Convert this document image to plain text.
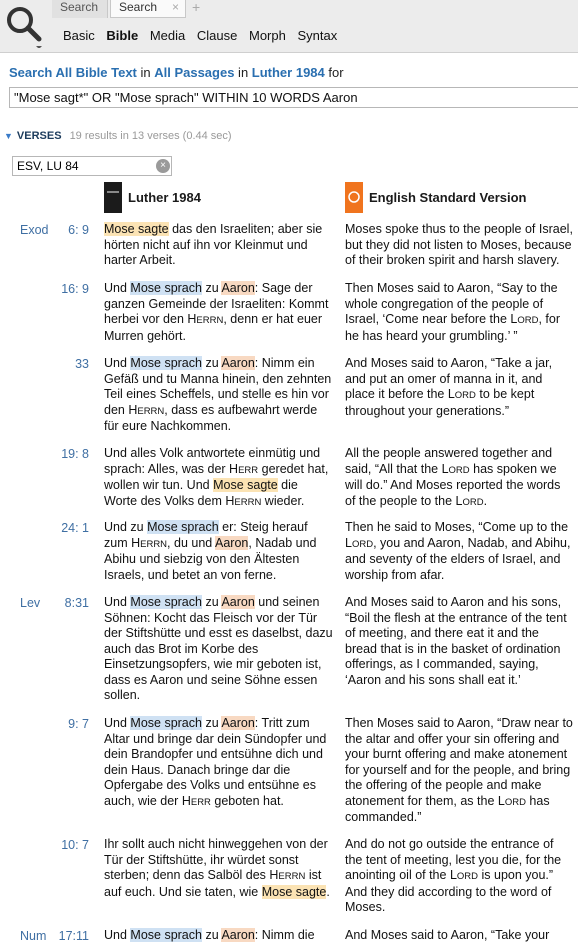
Search	Search × +
Basic Bible Media Clause Morph Syntax
Search All Bible Text in All Passages in Luther 1984 for
"Mose sagt*" OR "Mose sprach" WITHIN 10 WORDS Aaron
▼ VERSES 19 results in 13 verses (0.44 sec)
ESV, LU 84
×
Luther 1984	English Standard Version
Exod	6: 9 Mose sagte das den Israeliten; aber sie hörten nicht auf ihn vor Kleinmut und harter Arbeit.
Moses spoke thus to the people of Israel, but they did not listen to Moses, because of their broken spirit and harsh slavery.
16: 9 Und Mose sprach zu Aaron: Sage der ganzen Gemeinde der Israeliten: Kommt herbei vor den HERRN, denn er hat euer Murren gehört.
Then Moses said to Aaron, “Say to the whole congregation of the people of Israel, ‘Come near before the LORD, for he has heard your grumbling.’ ”
33 Und Mose sprach zu Aaron: Nimm ein Gefäß und tu Manna hinein, den zehnten Teil eines Scheffels, und stelle es hin vor den HERRN, dass es aufbewahrt werde für eure Nachkommen.
And Moses said to Aaron, “Take a jar, and put an omer of manna in it, and place it before the LORD to be kept throughout your generations.”
19: 8 Und alles Volk antwortete einmütig und sprach: Alles, was der HERR geredet hat, wollen wir tun. Und Mose sagte die Worte des Volks dem HERRN wieder.
All the people answered together and said, “All that the LORD has spoken we will do.” And Moses reported the words of the people to the LORD.
24: 1 Und zu Mose sprach er: Steig herauf zum HERRN, du und Aaron, Nadab und Abihu und siebzig von den Ältesten Israels, und betet an von ferne.
Then he said to Moses, “Come up to the LORD, you and Aaron, Nadab, and Abihu, and seventy of the elders of Israel, and worship from afar.
Lev	8:31 Und Mose sprach zu Aaron und seinen Söhnen: Kocht das Fleisch vor der Tür der Stiftshütte und esst es daselbst, dazu auch das Brot im Korbe des Einsetzungsopfers, wie mir geboten ist, dass es Aaron und seine Söhne essen sollen.
And Moses said to Aaron and his sons, “Boil the flesh at the entrance of the tent of meeting, and there eat it and the bread that is in the basket of ordination offerings, as I commanded, saying, ‘Aaron and his sons shall eat it.’
9: 7 Und Mose sprach zu Aaron: Tritt zum Altar und bringe dar dein Sündopfer und dein Brandopfer und entsühne dich und dein Haus. Danach bringe dar die Opfergabe des Volks und entsühne es auch, wie der HERR geboten hat.
Then Moses said to Aaron, “Draw near to the altar and offer your sin offering and your burnt offering and make atonement for yourself and for the people, and bring the offering of the people and make atonement for them, as the LORD has commanded.”
10: 7 Ihr sollt auch nicht hinweggehen von der Tür der Stiftshütte, ihr würdet sonst sterben; denn das Salböl des HERRN ist auf euch. Und sie taten, wie Mose sagte.
And do not go outside the entrance of the tent of meeting, lest you die, for the anointing oil of the LORD is upon you.” And they did according to the word of Moses.
Num 17:11 Und Mose sprach zu Aaron: Nimm die	And Moses said to Aaron, “Take your
